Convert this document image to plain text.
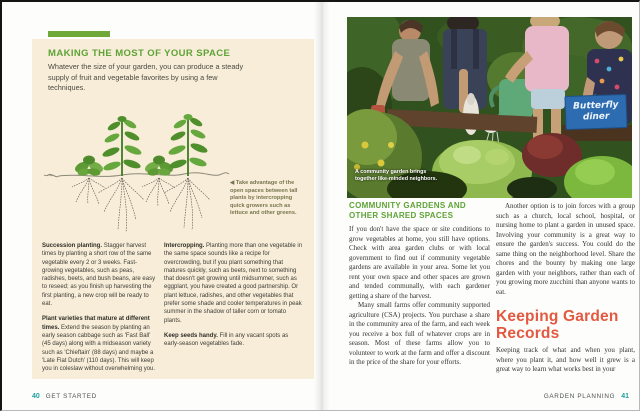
MAKING THE MOST OF YOUR SPACE
Whatever the size of your garden, you can produce a steady supply of fruit and vegetable favorites by using a few techniques.
◀ Take advantage of the open spaces between tall plants by intercropping quick growers such as lettuce and other greens.

Succession planting. Stagger harvest times by planting a short row of the same vegetable every 2 or 3 weeks. Fast-growing vegetables, such as peas, radishes, beets, and bush beans, are easy to reseed; as you finish up harvesting the first planting, a new crop will be ready to eat.

Plant varieties that mature at different times. Extend the season by planting an early season cabbage such as 'Fast Ball' (45 days) along with a midseason variety such as 'Chieftain' (88 days) and maybe a 'Late Flat Dutch' (110 days). This will keep you in coleslaw without overwhelming you.

Intercropping. Planting more than one vegetable in the same space sounds like a recipe for overcrowding, but if you plant something that matures quickly, such as beets, next to something that doesn't get growing until midsummer, such as eggplant, you have created a good partnership. Or plant lettuce, radishes, and other vegetables that prefer some shade and cooler temperatures in peak summer in the shadow of taller corn or tomato plants.

Keep seeds handy. Fill in any vacant spots as early-season vegetables fade.

40 GET STARTED
Butterfly
diner
A community garden brings
together like-minded neighbors.
COMMUNITY GARDENS AND OTHER SHARED SPACES

If you don't have the space or site conditions to grow vegetables at home, you still have options. Check with area garden clubs or with local government to find out if community vegetable gardens are available in your area. Some let you rent your own space and other spaces are grown and tended communally, with each gardener getting a share of the harvest.

Many small farms offer community supported agriculture (CSA) projects. You purchase a share in the community area of the farm, and each week you receive a box full of whatever crops are in season. Most of these farms allow you to volunteer to work at the farm and offer a discount in the price of the share for your efforts.

Another option is to join forces with a group such as a church, local school, hospital, or nursing home to plant a garden in unused space. Involving your community is a great way to ensure the garden's success. You could do the same thing on the neighborhood level. Share the chores and the bounty by making one large garden with your neighbors, rather than each of you growing more zucchini than anyone wants to eat.

Keeping Garden Records

Keeping track of what and when you plant, where you plant it, and how well it grew is a great way to learn what works best in your

GARDEN PLANNING 41
